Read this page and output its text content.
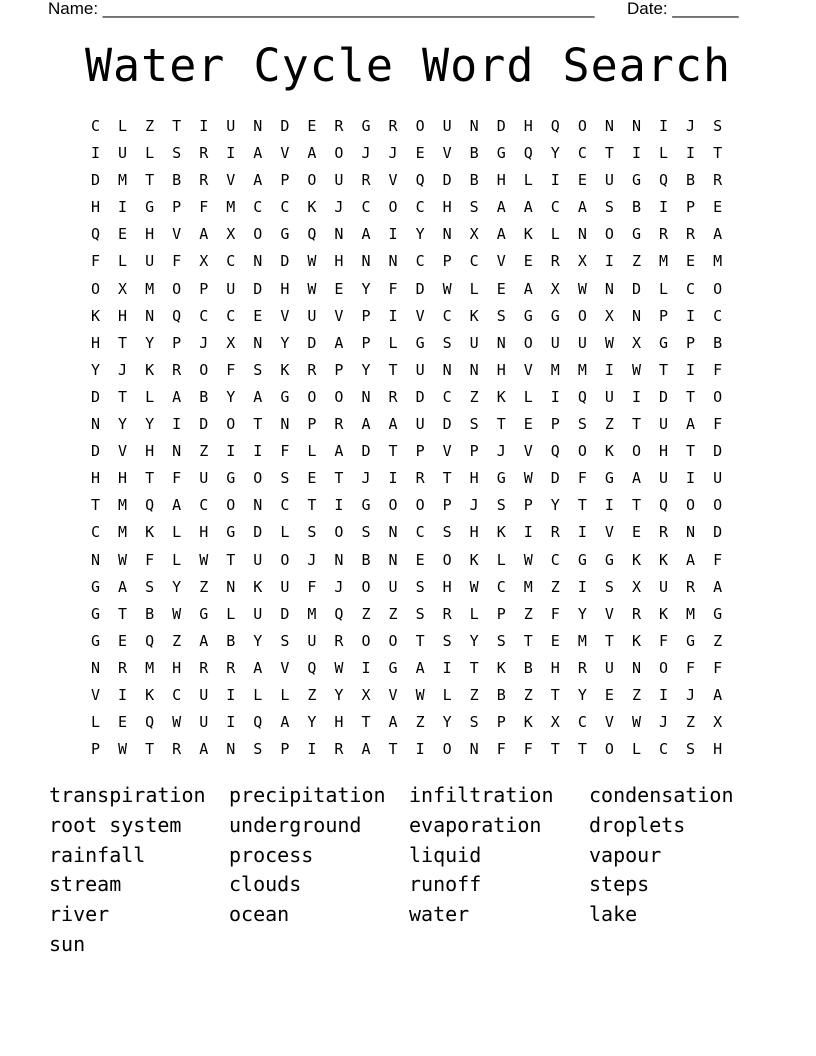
Name: ____________________________________________________ Date: _______
Water Cycle Word Search
C	L	Z	T	I	U	N	D	E	R	G	R	O	U	N	D	H	Q	O	N	N	I	J	S
I	U	L	S	R	I	A	V	A	O	J	J	E	V	B	G	Q	Y	C	T	I	L	I	T
D	M	T	B	R	V	A	P	O	U	R	V	Q	D	B	H	L	I	E	U	G	Q	B	R
H	I	G	P	F	M	C	C	K	J	C	O	C	H	S	A	A	C	A	S	B	I	P	E
Q	E	H	V	A	X	O	G	Q	N	A	I	Y	N	X	A	K	L	N	O	G	R	R	A
F	L	U	F	X	C	N	D	W	H	N	N	C	P	C	V	E	R	X	I	Z	M	E	M
O	X	M	O	P	U	D	H	W	E	Y	F	D	W	L	E	A	X	W	N	D	L	C	O
K	H	N	Q	C	C	E	V	U	V	P	I	V	C	K	S	G	G	O	X	N	P	I	C
H	T	Y	P	J	X	N	Y	D	A	P	L	G	S	U	N	O	U	U	W	X	G	P	B
Y	J	K	R	O	F	S	K	R	P	Y	T	U	N	N	H	V	M	M	I	W	T	I	F
D	T	L	A	B	Y	A	G	O	O	N	R	D	C	Z	K	L	I	Q	U	I	D	T	O
N	Y	Y	I	D	O	T	N	P	R	A	A	U	D	S	T	E	P	S	Z	T	U	A	F
D	V	H	N	Z	I	I	F	L	A	D	T	P	V	P	J	V	Q	O	K	O	H	T	D
H	H	T	F	U	G	O	S	E	T	J	I	R	T	H	G	W	D	F	G	A	U	I	U
T	M	Q	A	C	O	N	C	T	I	G	O	O	P	J	S	P	Y	T	I	T	Q	O	O
C	M	K	L	H	G	D	L	S	O	S	N	C	S	H	K	I	R	I	V	E	R	N	D
N	W	F	L	W	T	U	O	J	N	B	N	E	O	K	L	W	C	G	G	K	K	A	F
G	A	S	Y	Z	N	K	U	F	J	O	U	S	H	W	C	M	Z	I	S	X	U	R	A
G	T	B	W	G	L	U	D	M	Q	Z	Z	S	R	L	P	Z	F	Y	V	R	K	M	G
G	E	Q	Z	A	B	Y	S	U	R	O	O	T	S	Y	S	T	E	M	T	K	F	G	Z
N	R	M	H	R	R	A	V	Q	W	I	G	A	I	T	K	B	H	R	U	N	O	F	F
V	I	K	C	U	I	L	L	Z	Y	X	V	W	L	Z	B	Z	T	Y	E	Z	I	J	A
L	E	Q	W	U	I	Q	A	Y	H	T	A	Z	Y	S	P	K	X	C	V	W	J	Z	X
P	W	T	R	A	N	S	P	I	R	A	T	I	O	N	F	F	T	T	O	L	C	S	H
transpiration	precipitation	infiltration	condensation
root system	underground	evaporation	droplets
rainfall	process	liquid	vapour
stream	clouds	runoff	steps
river	ocean	water	lake
sun
